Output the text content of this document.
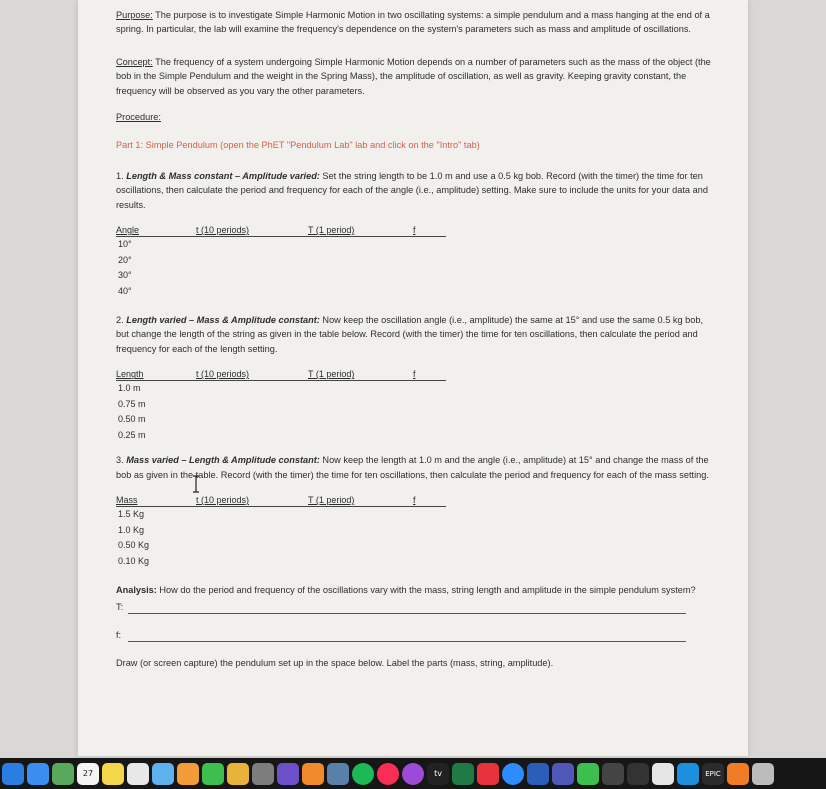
Purpose: The purpose is to investigate Simple Harmonic Motion in two oscillating systems: a simple pendulum and a mass hanging at the end of a spring. In particular, the lab will examine the frequency's dependence on the system's parameters such as mass and amplitude of oscillations.

Concept: The frequency of a system undergoing Simple Harmonic Motion depends on a number of parameters such as the mass of the object (the bob in the Simple Pendulum and the weight in the Spring Mass), the amplitude of oscillation, as well as gravity. Keeping gravity constant, the frequency will be observed as you vary the other parameters.

Procedure:
Part 1: Simple Pendulum (open the PhET "Pendulum Lab" lab and click on the "Intro" tab)

1. Length & Mass constant – Amplitude varied: Set the string length to be 1.0 m and use a 0.5 kg bob. Record (with the timer) the time for ten oscillations, then calculate the period and frequency for each of the angle (i.e., amplitude) setting. Make sure to include the units for your data and results.

Angle	t (10 periods)	T (1 period)	f
10°
20°
30°
40°

2. Length varied – Mass & Amplitude constant: Now keep the oscillation angle (i.e., amplitude) the same at 15° and use the same 0.5 kg bob, but change the length of the string as given in the table below. Record (with the timer) the time for ten oscillations, then calculate the period and frequency for each of the length setting.

Length	t (10 periods)	T (1 period)	f
1.0 m
0.75 m
0.50 m
0.25 m

3. Mass varied – Length & Amplitude constant: Now keep the length at 1.0 m and the angle (i.e., amplitude) at 15° and change the mass of the bob as given in the table. Record (with the timer) the time for ten oscillations, then calculate the period and frequency for each of the mass setting.

Mass	t (10 periods)	T (1 period)	f
1.5 Kg
1.0 Kg
0.50 Kg
0.10 Kg

Analysis: How do the period and frequency of the oscillations vary with the mass, string length and amplitude in the simple pendulum system?

T:
f:
Draw (or screen capture) the pendulum set up in the space below. Label the parts (mass, string, amplitude).
27	tv	EPIC
